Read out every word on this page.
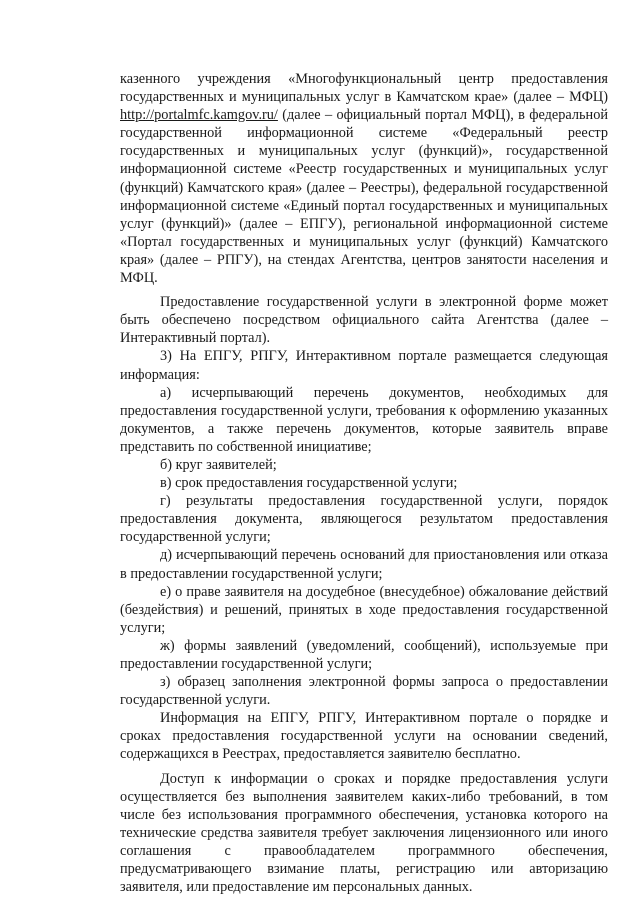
казенного учреждения «Многофункциональный центр предоставления государственных и муниципальных услуг в Камчатском крае» (далее – МФЦ) http://portalmfc.kamgov.ru/ (далее – официальный портал МФЦ), в федеральной государственной информационной системе «Федеральный реестр государственных и муниципальных услуг (функций)», государственной информационной системе «Реестр государственных и муниципальных услуг (функций) Камчатского края» (далее – Реестры), федеральной государственной информационной системе «Единый портал государственных и муниципальных услуг (функций)» (далее – ЕПГУ), региональной информационной системе «Портал государственных и муниципальных услуг (функций) Камчатского края» (далее – РПГУ), на стендах Агентства, центров занятости населения и МФЦ.

Предоставление государственной услуги в электронной форме может быть обеспечено посредством официального сайта Агентства (далее – Интерактивный портал).

3) На ЕПГУ, РПГУ, Интерактивном портале размещается следующая информация:

а) исчерпывающий перечень документов, необходимых для предоставления государственной услуги, требования к оформлению указанных документов, а также перечень документов, которые заявитель вправе представить по собственной инициативе;

б) круг заявителей;

в) срок предоставления государственной услуги;

г) результаты предоставления государственной услуги, порядок предоставления документа, являющегося результатом предоставления государственной услуги;

д) исчерпывающий перечень оснований для приостановления или отказа в предоставлении государственной услуги;

е) о праве заявителя на досудебное (внесудебное) обжалование действий (бездействия) и решений, принятых в ходе предоставления государственной услуги;

ж) формы заявлений (уведомлений, сообщений), используемые при предоставлении государственной услуги;

з) образец заполнения электронной формы запроса о предоставлении государственной услуги.

Информация на ЕПГУ, РПГУ, Интерактивном портале о порядке и сроках предоставления государственной услуги на основании сведений, содержащихся в Реестрах, предоставляется заявителю бесплатно.

Доступ к информации о сроках и порядке предоставления услуги осуществляется без выполнения заявителем каких-либо требований, в том числе без использования программного обеспечения, установка которого на технические средства заявителя требует заключения лицензионного или иного соглашения с правообладателем программного обеспечения, предусматривающего взимание платы, регистрацию или авторизацию заявителя, или предоставление им персональных данных.
